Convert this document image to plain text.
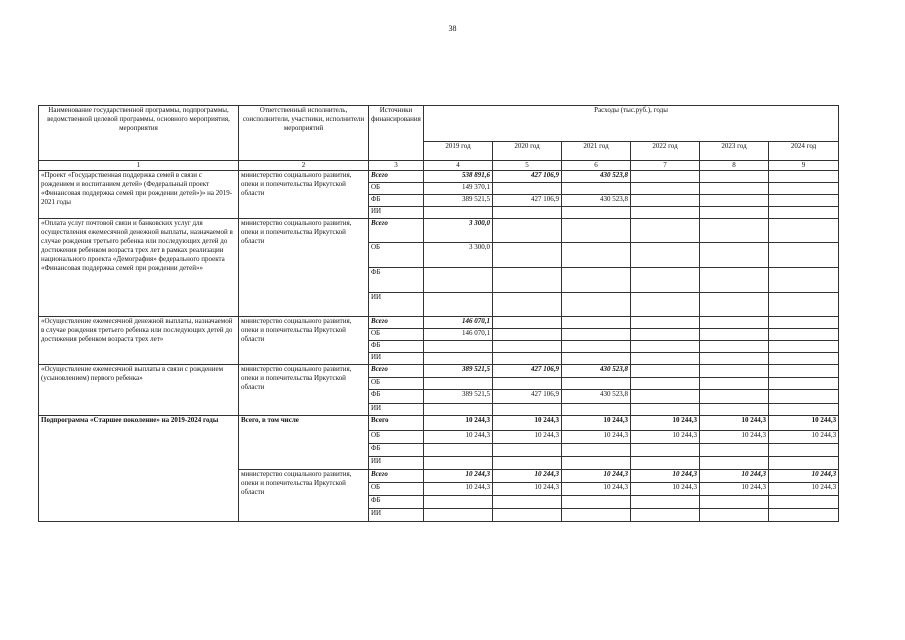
38
Наименование государственной программы, подпрограммы, ведомственной целевой программы, основного мероприятия, мероприятия	Ответственный исполнитель, соисполнители, участники, исполнители мероприятий	Источники финансирования	Расходы (тыс.руб.), годы					
			2019 год	2020 год	2021 год	2022 год	2023 год	2024 год
1	2	3	4	5	6	7	8	9
«Проект «Государственная поддержка семей в связи с рождением и воспитанием детей» (Федеральный проект «Финансовая поддержка семей при рождении детей»)» на 2019-2021 годы	министерство социального развития, опеки и попечительства Иркутской области	Всего	538 891,6	427 106,9	430 523,8			
		ОБ	149 370,1					
		ФБ	389 521,5	427 106,9	430 523,8			
		ИИ						
«Оплата услуг почтовой связи и банковских услуг для осуществления ежемесячной денежной выплаты, назначаемой в случае рождения третьего ребенка или последующих детей до достижения ребенком возраста трех лет в рамках реализации национального проекта «Демография» федерального проекта «Финансовая поддержка семей при рождении детей»»	министерство социального развития, опеки и попечительства Иркутской области	Всего	3 300,0					
		ОБ	3 300,0					
		ФБ						
		ИИ						
«Осуществление ежемесячной денежной выплаты, назначаемой в случае рождения третьего ребенка или последующих детей до достижения ребенком возраста трех лет»	министерство социального развития, опеки и попечительства Иркутской области	Всего	146 070,1					
		ОБ	146 070,1					
		ФБ						
		ИИ						
«Осуществление ежемесячной выплаты в связи с рождением (усыновлением) первого ребенка»	министерство социального развития, опеки и попечительства Иркутской области	Всего	389 521,5	427 106,9	430 523,8			
		ОБ						
		ФБ	389 521,5	427 106,9	430 523,8			
		ИИ						
Подпрограмма «Старшее поколение» на 2019-2024 годы	Всего, в том числе	Всего	10 244,3	10 244,3	10 244,3	10 244,3	10 244,3	10 244,3
		ОБ	10 244,3	10 244,3	10 244,3	10 244,3	10 244,3	10 244,3
		ФБ						
		ИИ						
	министерство социального развития, опеки и попечительства Иркутской области	Всего	10 244,3	10 244,3	10 244,3	10 244,3	10 244,3	10 244,3
		ОБ	10 244,3	10 244,3	10 244,3	10 244,3	10 244,3	10 244,3
		ФБ						
		ИИ						
